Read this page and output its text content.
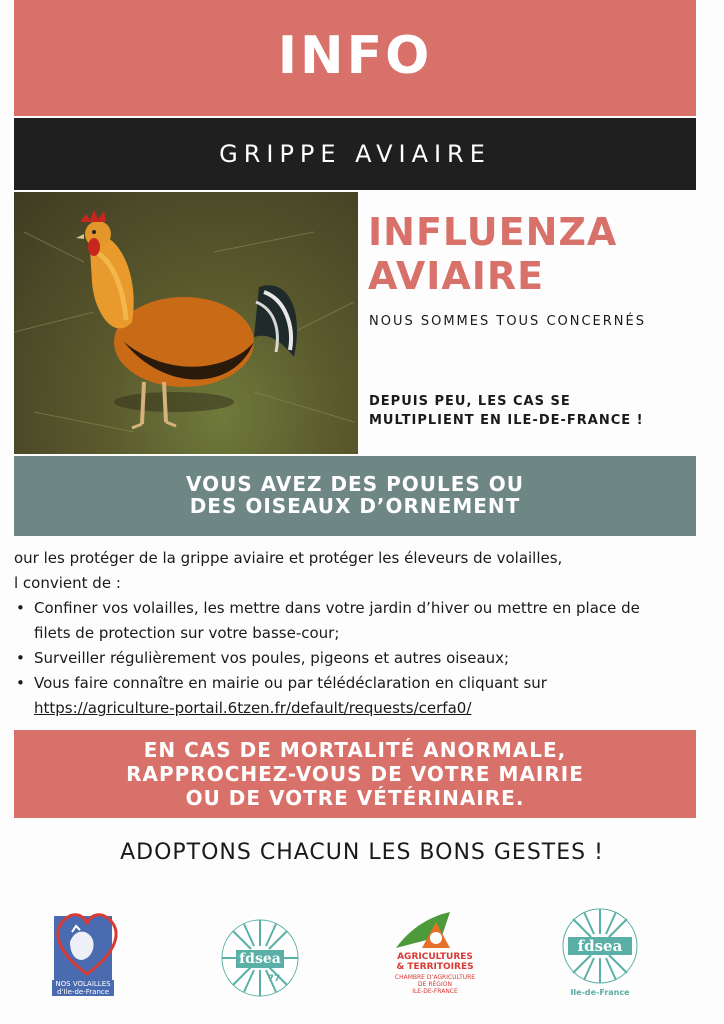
INFO
GRIPPE AVIAIRE
INFLUENZA
AVIAIRE
NOUS SOMMES TOUS CONCERNÉS
DEPUIS PEU, LES CAS SE
MULTIPLIENT EN ILE-DE-FRANCE !
VOUS AVEZ DES POULES OU
DES OISEAUX D’ORNEMENT
our les protéger de la grippe aviaire et protéger les éleveurs de volailles,
l convient de :
• Confiner vos volailles, les mettre dans votre jardin d’hiver ou mettre en place de
filets de protection sur votre basse-cour;
• Surveiller régulièrement vos poules, pigeons et autres oiseaux;
• Vous faire connaître en mairie ou par télédéclaration en cliquant sur
https://agriculture-portail.6tzen.fr/default/requests/cerfa0/
EN CAS DE MORTALITÉ ANORMALE,
RAPPROCHEZ-VOUS DE VOTRE MAIRIE
OU DE VOTRE VÉTÉRINAIRE.
ADOPTONS CHACUN LES BONS GESTES !
NOS VOLAILLES
d’Ile-de-France
fdsea
77
AGRICULTURES
& TERRITOIRES
CHAMBRE D’AGRICULTURE
DE RÉGION
ILE-DE-FRANCE
fdsea
Ile-de-France
